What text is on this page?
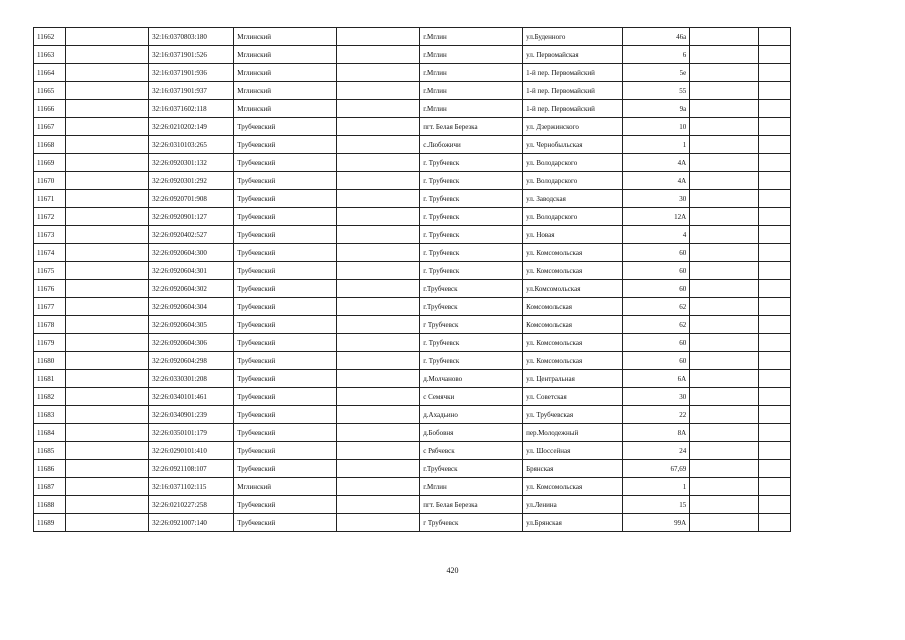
11662		32:16:0370803:180	Мглинский		г.Мглин	ул.Буденного	46а		
11663		32:16:0371901:526	Мглинский		г.Мглин	ул. Первомайская	6		
11664		32:16:0371901:936	Мглинский		г.Мглин	1-й пер. Первомайский	5е		
11665		32:16:0371901:937	Мглинский		г.Мглин	1-й пер. Первомайский	55		
11666		32:16:0371602:118	Мглинский		г.Мглин	1-й пер. Первомайский	9а		
11667		32:26:0210202:149	Трубчевский		пгт. Белая Березка	ул. Дзержинского	10		
11668		32:26:0310103:265	Трубчевский		с.Любожичи	ул. Чернобыльская	1		
11669		32:26:0920301:132	Трубчевский		г. Трубчевск	ул. Володарского	4А		
11670		32:26:0920301:292	Трубчевский		г. Трубчевск	ул. Володарского	4А		
11671		32:26:0920701:908	Трубчевский		г. Трубчевск	ул. Заводская	30		
11672		32:26:0920901:127	Трубчевский		г. Трубчевск	ул. Володарского	12А		
11673		32:26:0920402:527	Трубчевский		г. Трубчевск	ул. Новая	4		
11674		32:26:0920604:300	Трубчевский		г. Трубчевск	ул. Комсомольская	60		
11675		32:26:0920604:301	Трубчевский		г. Трубчевск	ул. Комсомольская	60		
11676		32:26:0920604:302	Трубчевский		г.Трубчевск	ул.Комсомольская	60		
11677		32:26:0920604:304	Трубчевский		г.Трубчевск	Комсомольская	62		
11678		32:26:0920604:305	Трубчевский		г Трубчевск	Комсомольская	62		
11679		32:26:0920604:306	Трубчевский		г. Трубчевск	ул. Комсомольская	60		
11680		32:26:0920604:298	Трубчевский		г. Трубчевск	ул. Комсомольская	60		
11681		32:26:0330301:208	Трубчевский		д.Молчаново	ул. Центральная	6А		
11682		32:26:0340101:461	Трубчевский		с Семячки	ул. Советская	30		
11683		32:26:0340901:239	Трубчевский		д.Ахадьино	ул. Трубчевская	22		
11684		32:26:0350101:179	Трубчевский		д.Бобовня	пер.Молодежный	8А		
11685		32:26:0290101:410	Трубчевский		с Рябчевск	ул. Шоссейная	24		
11686		32:26:0921108:107	Трубчевский		г.Трубчевск	Брянская	67,69		
11687		32:16:0371102:115	Мглинский		г.Мглин	ул. Комсомольская	1		
11688		32:26:0210227:258	Трубчевский		пгт. Белая Березка	ул.Ленина	15		
11689		32:26:0921007:140	Трубчевский		г Трубчевск	ул.Брянская	99А		
420
